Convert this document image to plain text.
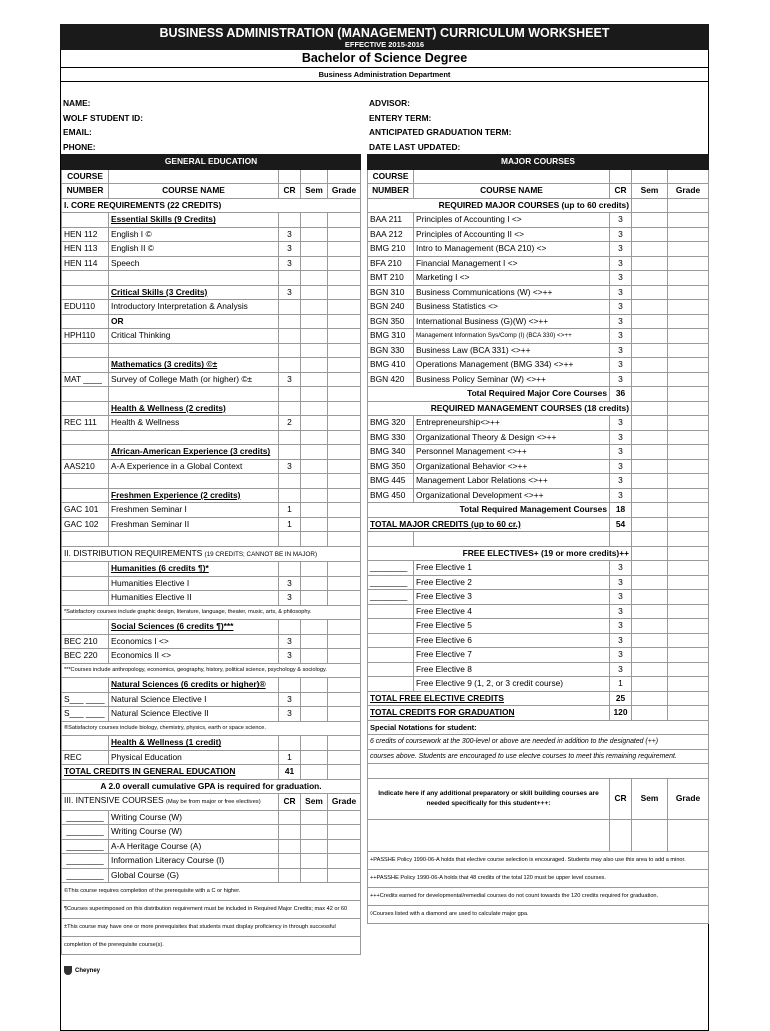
BUSINESS ADMINISTRATION (MANAGEMENT) CURRICULUM WORKSHEET
EFFECTIVE 2015-2016
Bachelor of Science Degree
Business Administration Department
NAME:
WOLF STUDENT ID:
EMAIL:
PHONE:
GENERAL EDUCATION				
COURSE				
NUMBER	COURSE NAME	CR	Sem	Grade
I. CORE REQUIREMENTS (22 CREDITS)				
	Essential Skills (9 Credits)			
HEN 112	English I ©	3		
HEN 113	English II ©	3		
HEN 114	Speech	3		

	Critical Skills (3 Credits)	3		
EDU110	Introductory Interpretation & Analysis			
	OR			
HPH110	Critical Thinking			

	Mathematics (3 credits) ©±			
MAT ____	Survey of College Math (or higher) ©±	3		

	Health & Wellness (2 credits)			
REC 111	Health & Wellness	2		

	African-American Experience (3 credits)			
AAS210	A-A Experience in a Global Context	3		

	Freshmen Experience (2 credits)			
GAC 101	Freshmen Seminar I	1		
GAC 102	Freshman Seminar II	1		

II. DISTRIBUTION REQUIREMENTS (19 CREDITS; CANNOT BE IN MAJOR)				
	Humanities (6 credits ¶)*			
	Humanities Elective I	3		
	Humanities Elective II	3		
*Satisfactory courses include graphic design, literature, language, theater, music, arts, & philosophy.				
	Social Sciences (6 credits ¶)***			
BEC 210	Economics I <>	3		
BEC 220	Economics II <>	3		
***Courses include anthropology, economics, geography, history, political science, psychology & sociology.				
	Natural Sciences (6 credits or higher)®			
S___ ____	Natural Science Elective I	3		
S___ ____	Natural Science Elective II	3		
®Satisfactory courses include biology, chemistry, physics, earth or space science.				
	Health & Wellness (1 credit)			
REC	Physical Education	1		
TOTAL CREDITS IN GENERAL EDUCATION		41		
A 2.0 overall cumulative GPA is required for graduation.				
III. INTENSIVE COURSES (May be from major or free electives)		CR	Sem	Grade
________	Writing Course (W)			
________	Writing Course (W)			
________	A-A Heritage Course (A)			
________	Information Literacy Course (I)			
________	Global Course (G)			
©This course requires completion of the prerequisite with a C or higher.				
¶Courses superimposed on this distribution requirement must be included in Required Major Credits; max 42 or 60				
±This course may have one or more prerequisites that students must display proficiency in through successful				
completion of the prerequisite course(s).				
ADVISOR:
ENTERY TERM:
ANTICIPATED GRADUATION TERM:
DATE LAST UPDATED:
MAJOR COURSES				
COURSE				
NUMBER	COURSE NAME	CR	Sem	Grade
REQUIRED MAJOR COURSES (up to 60 credits)				
BAA 211	Principles of Accounting I <>	3		
BAA 212	Principles of Accounting II <>	3		
BMG 210	Intro to Management (BCA 210) <>	3		
BFA 210	Financial Management I <>	3		
BMT 210	Marketing I <>	3		
BGN 310	Business Communications (W) <>++	3		
BGN 240	Business Statistics <>	3		
BGN 350	International Business (G)(W) <>++	3		
BMG 310	Management Information Sys/Comp (I) (BCA 330) <>++	3		
BGN 330	Business Law (BCA 331) <>++	3		
BMG 410	Operations Management (BMG 334) <>++	3		
BGN 420	Business Policy Seminar (W) <>++	3		
Total Required Major Core Courses		36		
REQUIRED MANAGEMENT COURSES (18 credits)				
BMG 320	Entrepreneurship<>++	3		
BMG 330	Organizational Theory & Design <>++	3		
BMG 340	Personnel Management <>++	3		
BMG 350	Organizational Behavior <>++	3		
BMG 445	Management Labor Relations <>++	3		
BMG 450	Organizational Development <>++	3		
Total Required Management Courses		18		
TOTAL MAJOR CREDITS (up to 60 cr.)		54		

FREE ELECTIVES+ (19 or more credits)++				
________	Free Elective 1	3		
________	Free Elective 2	3		
________	Free Elective 3	3		
	Free Elective 4	3		
	Free Elective 5	3		
	Free Elective 6	3		
	Free Elective 7	3		
	Free Elective 8	3		
	Free Elective 9 (1, 2, or 3 credit course)	1		
TOTAL FREE ELECTIVE CREDITS		25		
TOTAL CREDITS FOR GRADUATION		120		
Special Notations for student:				
6 credits of coursework at the 300-level or above are needed in addition to the designated (++)				
courses above. Students are encouraged to use electve courses to meet this remaining requirement.				

Indicate here if any additional preparatory or skill building courses are
needed specifically for this student+++:		CR	Sem	Grade

+PASSHE Policy 1990-06-A holds that elective course selection is encouraged. Students may also use this area to add a minor.				
++PASSHE Policy 1990-06-A holds that 48 credits of the total 120 must be upper level courses.				
+++Credits earned for developmental/remedial courses do not count towards the 120 credits required for graduation.				
◊Courses listed with a diamond are used to calculate major gpa.				
Cheyney
